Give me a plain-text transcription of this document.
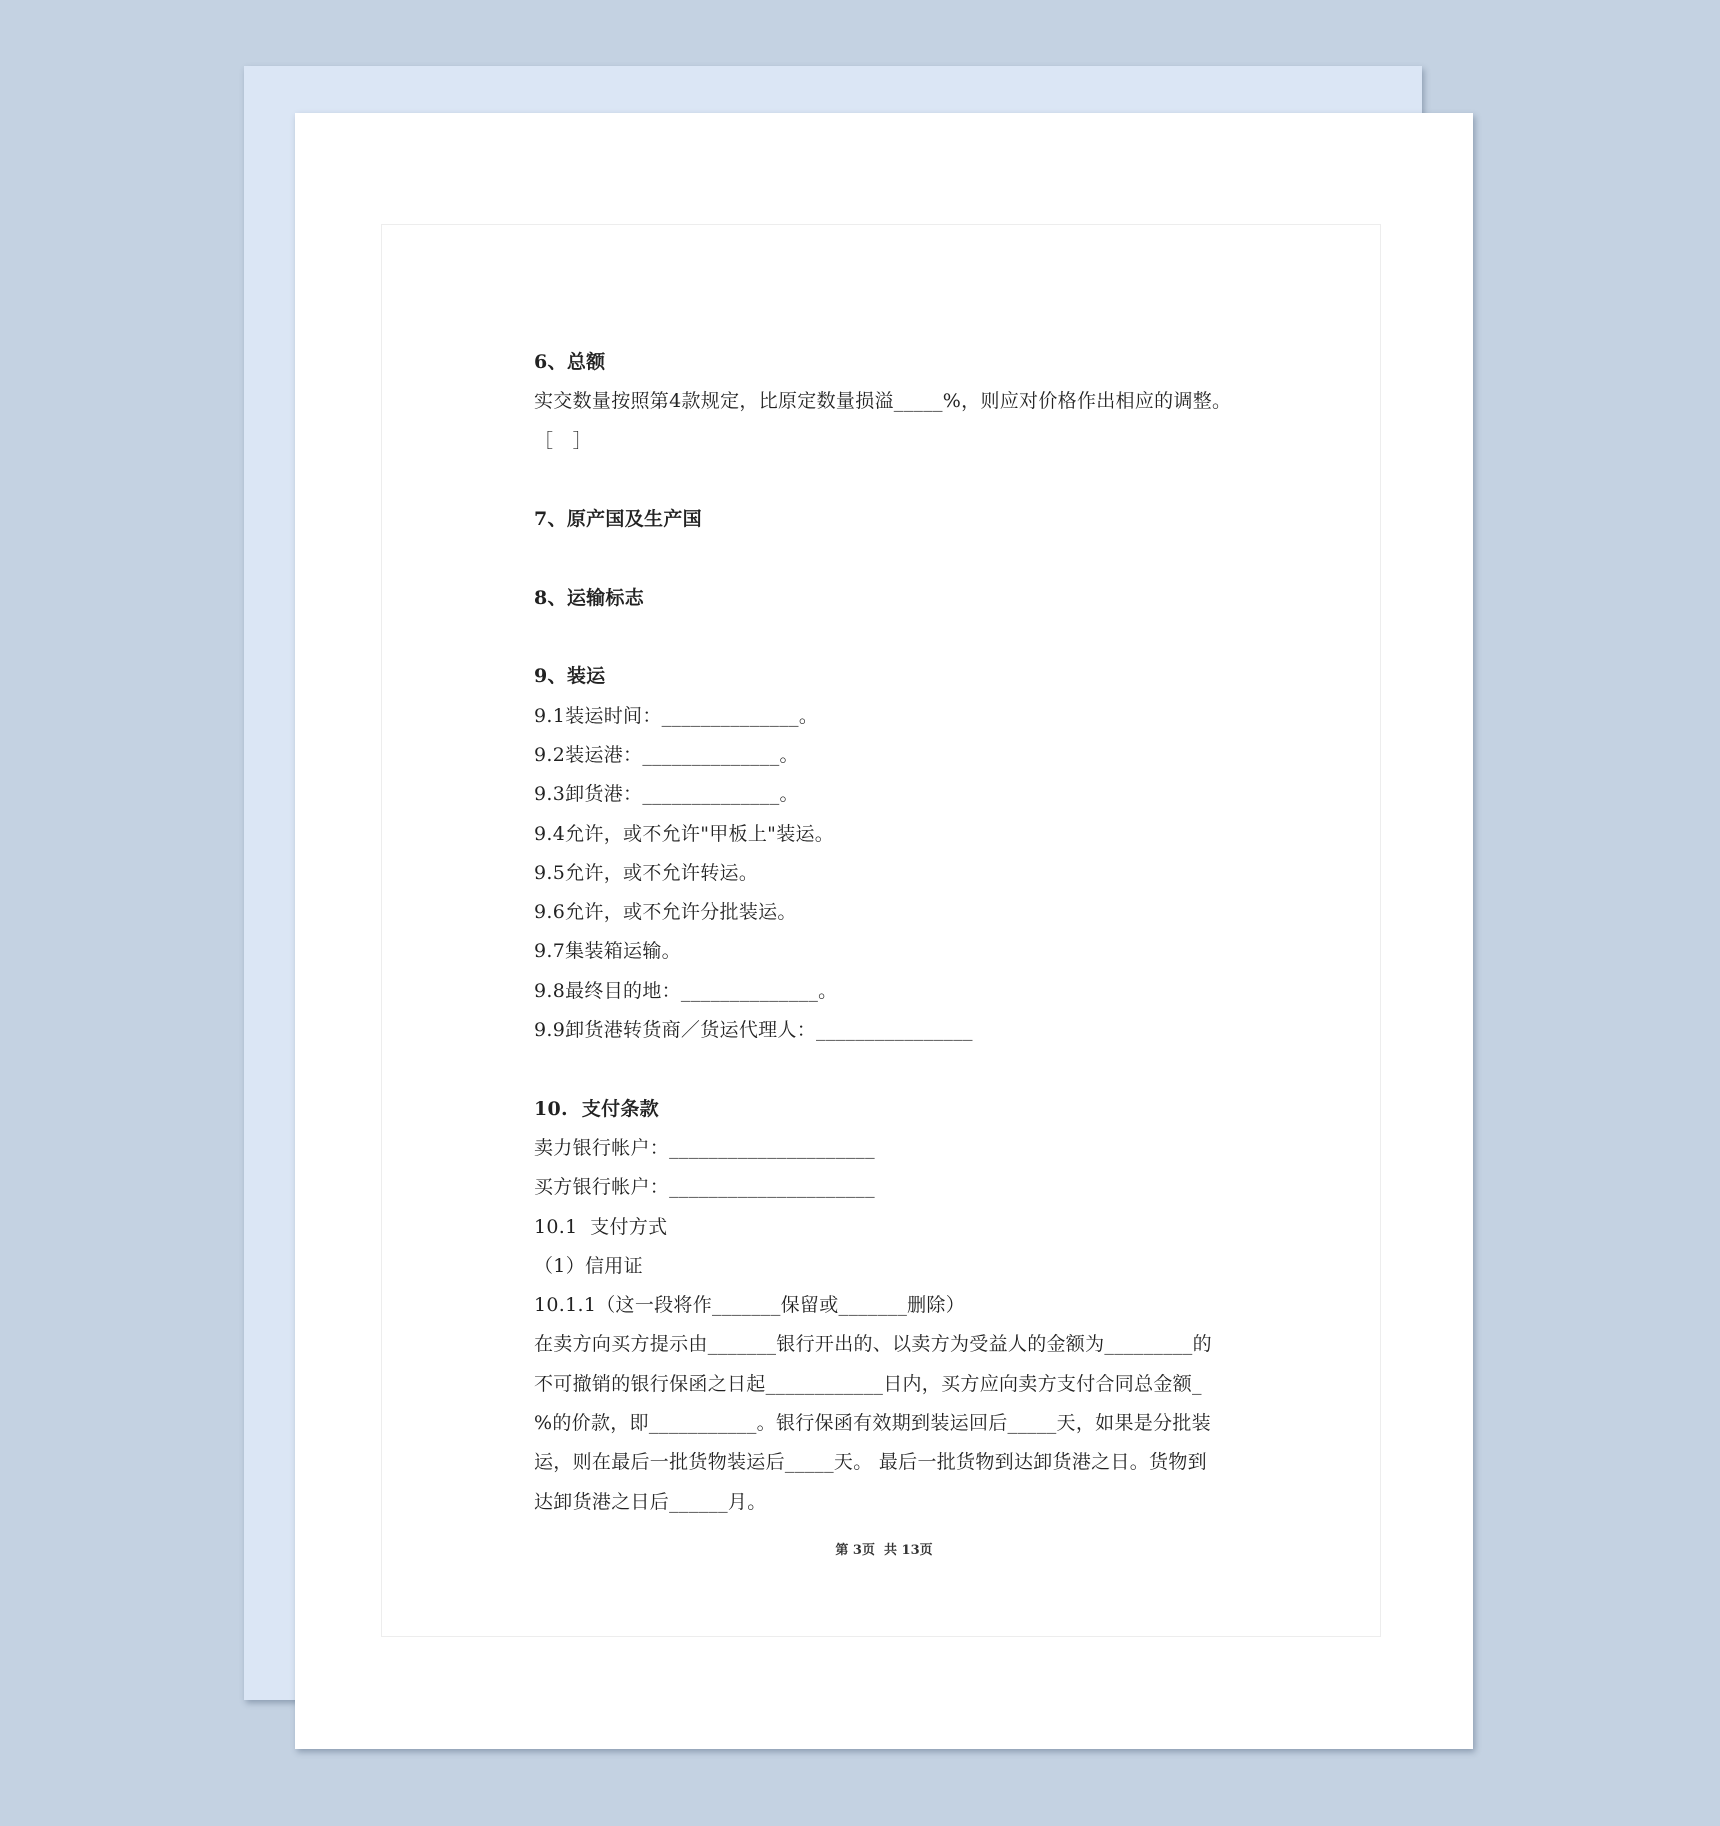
6、总额
实交数量按照第4款规定，比原定数量损溢_____%，则应对价格作出相应的调整。
［　］
7、原产国及生产国
8、运输标志
9、装运
9.1装运时间：______________。
9.2装运港：______________。
9.3卸货港：______________。
9.4允许，或不允许"甲板上"装运。
9.5允许，或不允许转运。
9.6允许，或不允许分批装运。
9.7集装箱运输。
9.8最终目的地：______________。
9.9卸货港转货商／货运代理人：________________
10.  支付条款
卖力银行帐户：_____________________
买方银行帐户：_____________________
10.1  支付方式
（1）信用证
10.1.1（这一段将作_______保留或_______删除）
在卖方向买方提示由_______银行开出的、以卖方为受益人的金额为_________的
不可撤销的银行保函之日起____________日内，买方应向卖方支付合同总金额_
%的价款，即___________。银行保函有效期到装运回后_____天，如果是分批装
运，则在最后一批货物装运后_____天。 最后一批货物到达卸货港之日。货物到
达卸货港之日后______月。
第 3页  共 13页
